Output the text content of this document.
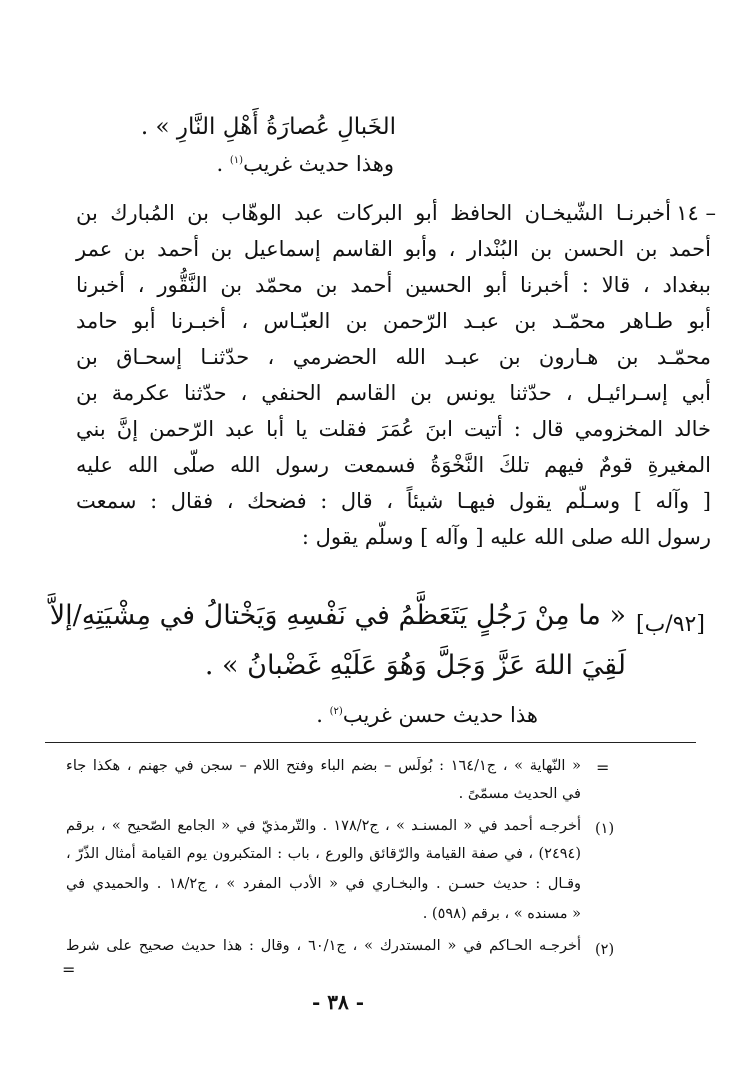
الخَبالِ عُصارَةُ أَهْلِ النَّارِ » .
وهذا حديث غريب$^{(١)}$ .
١٤ –
أخبرنـا الشّيخـان الحافظ أبو البركات عبد الوهّاب بن المُبارك بن
أحمد بن الحسن بن البُنْدار ، وأبو القاسم إسماعيل بن أحمد بن عمر
ببغداد ، قالا : أخبرنا أبو الحسين أحمد بن محمّد بن النَّقُّور ، أخبرنا
أبو طـاهر محمّـد بن عبـد الرّحمن بن العبّـاس ، أخبـرنا أبو حامد
محمّـد بن هـارون بن عبـد الله الحضرمي ، حدّثنـا إسحـاق بن
أبي إسـرائيـل ، حدّثنا يونس بن القاسم الحنفي ، حدّثنا عكرمة بن
خالد المخزومي قال : أتيت ابنَ عُمَرَ فقلت يا أبا عبد الرّحمن إنَّ بني
المغيرةِ قومٌ فيهم تلكَ النَّخْوَةُ فسمعت رسول الله صلّى الله عليه
[ وآله ] وسـلّم يقول فيهـا شيئاً ، قال : فضحك ، فقال : سمعت
رسول الله صلى الله عليه [ وآله ] وسلّم يقول :
[٩٢/ب]
« ما مِنْ رَجُلٍ يَتَعَظَّمُ في نَفْسِهِ وَيَخْتالُ في مِشْيَتِهِ/إلاَّ
لَقِيَ اللهَ عَزَّ وَجَلَّ وَهُوَ عَلَيْهِ غَضْبانُ » .
هذا حديث حسن غريب$^{(٢)}$ .
=
« النّهاية » ، ج١٦٤/١ : بُولَس – بضم الباء وفتح اللام – سجن في جهنم ، هكذا جاء
في الحديث مسمّىً .
(١)
أخرجـه أحمد في « المسنـد » ، ج١٧٨/٢ . والتّرمذيّ في « الجامع الصّحيح » ، برقم
(٢٤٩٤) ، في صفة القيامة والرّقائق والورع ، باب : المتكبرون يوم القيامة أمثال الذّرّ ،
وقـال : حديث حسـن . والبخـاري في « الأدب المفرد » ، ج١٨/٢ . والحميدي في
« مسنده » ، برقم (٥٩٨) .
(٢)
أخرجـه الحـاكم في « المستدرك » ، ج٦٠/١ ، وقال : هذا حديث صحيح على شرط
=
- ٣٨ -
